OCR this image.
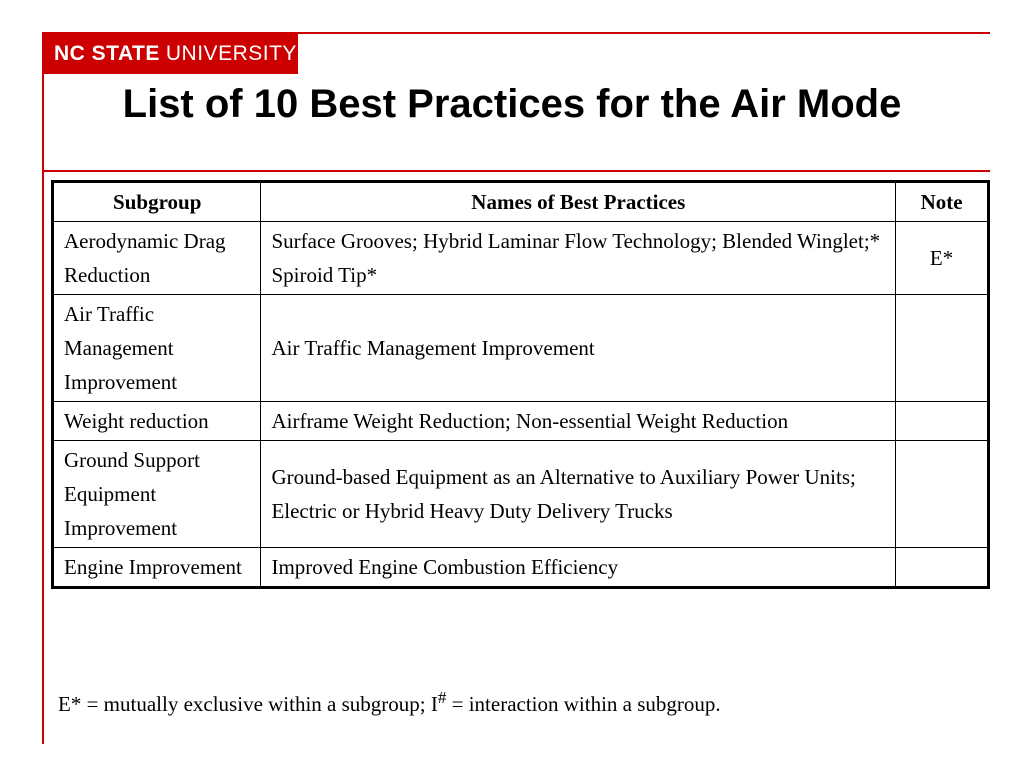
NC STATE UNIVERSITY
List of 10 Best Practices for the Air Mode
Subgroup	Names of Best Practices	Note
Aerodynamic Drag Reduction	Surface Grooves; Hybrid Laminar Flow Technology; Blended Winglet;* Spiroid Tip*	E*
Air Traffic Management Improvement	Air Traffic Management Improvement	
Weight reduction	Airframe Weight Reduction; Non-essential Weight Reduction	
Ground Support Equipment Improvement	Ground-based Equipment as an Alternative to Auxiliary Power Units; Electric or Hybrid Heavy Duty Delivery Trucks	
Engine Improvement	Improved Engine Combustion Efficiency	
E* = mutually exclusive within a subgroup; I# = interaction within a subgroup.
